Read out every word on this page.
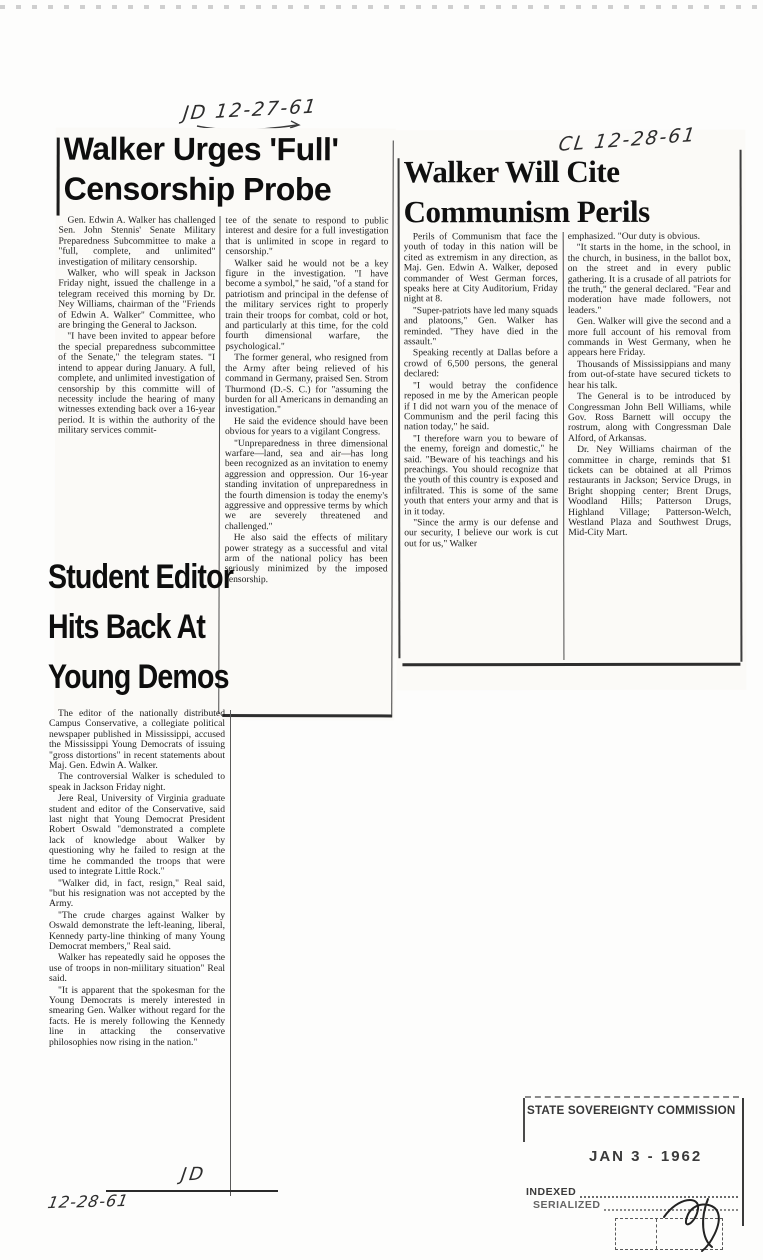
JD 12-27-61
Walker Urges 'Full'
Censorship Probe

Gen. Edwin A. Walker has challenged Sen. John Stennis' Senate Military Preparedness Subcommittee to make a "full, complete, and unlimited" investigation of military censorship.

Walker, who will speak in Jackson Friday night, issued the challenge in a telegram received this morning by Dr. Ney Williams, chairman of the "Friends of Edwin A. Walker" Committee, who are bringing the General to Jackson.

"I have been invited to appear before the special preparedness subcommittee of the Senate," the telegram states. "I intend to appear during January. A full, complete, and unlimited investigation of censorship by this committe will of necessity include the hearing of many witnesses extending back over a 16-year period. It is within the authority of the military services commit-

tee of the senate to respond to public interest and desire for a full investigation that is unlimited in scope in regard to censorship."

Walker said he would not be a key figure in the investigation. "I have become a symbol," he said, "of a stand for patriotism and principal in the defense of the military services right to properly train their troops for combat, cold or hot, and particularly at this time, for the cold fourth dimensional warfare, the psychological."

The former general, who resigned from the Army after being relieved of his command in Germany, praised Sen. Strom Thurmond (D.-S. C.) for "assuming the burden for all Americans in demanding an investigation."

He said the evidence should have been obvious for years to a vigilant Congress.

"Unpreparedness in three dimensional warfare—land, sea and air—has long been recognized as an invitation to enemy aggression and oppression. Our 16-year standing invitation of unpreparedness in the fourth dimension is today the enemy's aggressive and oppressive terms by which we are severely threatened and challenged."

He also said the effects of military power strategy as a successful and vital arm of the national policy has been seriously minimized by the imposed censorship.

CL 12-28-61
Walker Will Cite
Communism Perils

Perils of Communism that face the youth of today in this nation will be cited as extremism in any direction, as Maj. Gen. Edwin A. Walker, deposed commander of West German forces, speaks here at City Auditorium, Friday night at 8.

"Super-patriots have led many squads and platoons," Gen. Walker has reminded. "They have died in the assault."

Speaking recently at Dallas before a crowd of 6,500 persons, the general declared:

"I would betray the confidence reposed in me by the American people if I did not warn you of the menace of Communism and the peril facing this nation today," he said.

"I therefore warn you to beware of the enemy, foreign and domestic," he said. "Beware of his teachings and his preachings. You should recognize that the youth of this country is exposed and infiltrated. This is some of the same youth that enters your army and that is in it today.

"Since the army is our defense and our security, I believe our work is cut out for us," Walker

emphasized. "Our duty is obvious.

"It starts in the home, in the school, in the church, in business, in the ballot box, on the street and in every public gathering. It is a crusade of all patriots for the truth," the general declared. "Fear and moderation have made followers, not leaders."

Gen. Walker will give the second and a more full account of his removal from commands in West Germany, when he appears here Friday.

Thousands of Mississippians and many from out-of-state have secured tickets to hear his talk.

The General is to be introduced by Congressman John Bell Williams, while Gov. Ross Barnett will occupy the rostrum, along with Congressman Dale Alford, of Arkansas.

Dr. Ney Williams chairman of the committee in charge, reminds that $1 tickets can be obtained at all Primos restaurants in Jackson; Service Drugs, in Bright shopping center; Brent Drugs, Woodland Hills; Patterson Drugs, Highland Village; Patterson-Welch, Westland Plaza and Southwest Drugs, Mid-City Mart.

Student Editor
Hits Back At
Young Demos

The editor of the nationally distributed Campus Conservative, a collegiate political newspaper published in Mississippi, accused the Mississippi Young Democrats of issuing "gross distortions" in recent statements about Maj. Gen. Edwin A. Walker.

The controversial Walker is scheduled to speak in Jackson Friday night.

Jere Real, University of Virginia graduate student and editor of the Conservative, said last night that Young Democrat President Robert Oswald "demonstrated a complete lack of knowledge about Walker by questioning why he failed to resign at the time he commanded the troops that were used to integrate Little Rock."

"Walker did, in fact, resign," Real said, "but his resignation was not accepted by the Army.

"The crude charges against Walker by Oswald demonstrate the left-leaning, liberal, Kennedy party-line thinking of many Young Democrat members," Real said.

Walker has repeatedly said he opposes the use of troops in non-miilitary situation" Real said.

"It is apparent that the spokesman for the Young Democrats is merely interested in smearing Gen. Walker without regard for the facts. He is merely following the Kennedy line in attacking the conservative philosophies now rising in the nation."

JD
12-28-61
STATE SOVEREIGNTY COMMISSION
JAN 3 - 1962
INDEXED
SERIALIZED
